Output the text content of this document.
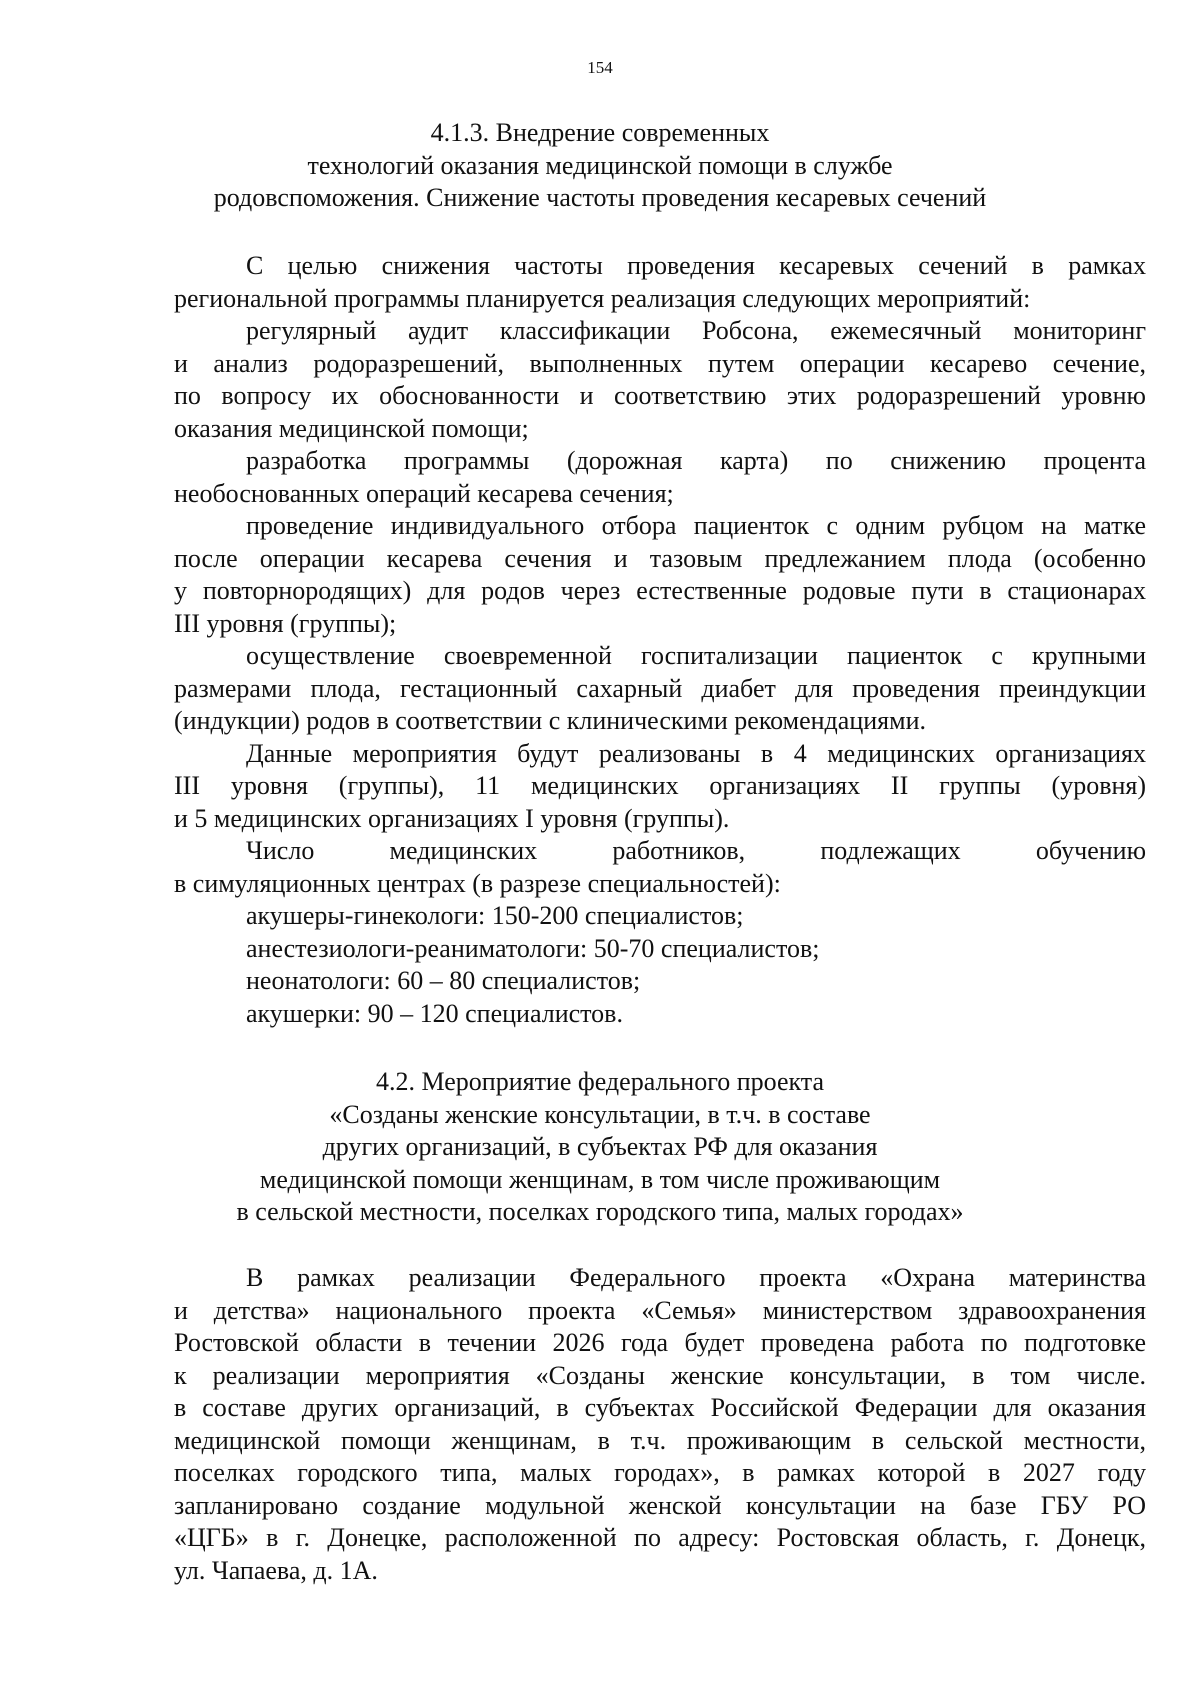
154
4.1.3. Внедрение современных
технологий оказания медицинской помощи в службе
родовспоможения. Снижение частоты проведения кесаревых сечений

С целью снижения частоты проведения кесаревых сечений в рамках
региональной программы планируется реализация следующих мероприятий:

регулярный аудит классификации Робсона, ежемесячный мониторинг
и анализ родоразрешений, выполненных путем операции кесарево сечение,
по вопросу их обоснованности и соответствию этих родоразрешений уровню
оказания медицинской помощи;

разработка программы (дорожная карта) по снижению процента
необоснованных операций кесарева сечения;

проведение индивидуального отбора пациенток с одним рубцом на матке
после операции кесарева сечения и тазовым предлежанием плода (особенно
у повторнородящих) для родов через естественные родовые пути в стационарах
III уровня (группы);

осуществление своевременной госпитализации пациенток с крупными
размерами плода, гестационный сахарный диабет для проведения преиндукции
(индукции) родов в соответствии с клиническими рекомендациями.

Данные мероприятия будут реализованы в 4 медицинских организациях
III уровня (группы), 11 медицинских организациях II группы (уровня)
и 5 медицинских организациях I уровня (группы).

Число медицинских работников, подлежащих обучению
в симуляционных центрах (в разрезе специальностей):

акушеры-гинекологи: 150-200 специалистов;

анестезиологи-реаниматологи: 50-70 специалистов;

неонатологи: 60 – 80 специалистов;

акушерки: 90 – 120 специалистов.

4.2. Мероприятие федерального проекта
«Созданы женские консультации, в т.ч. в составе
других организаций, в субъектах РФ для оказания
медицинской помощи женщинам, в том числе проживающим
в сельской местности, поселках городского типа, малых городах»

В рамках реализации Федерального проекта «Охрана материнства
и детства» национального проекта «Семья» министерством здравоохранения
Ростовской области в течении 2026 года будет проведена работа по подготовке
к реализации мероприятия «Созданы женские консультации, в том числе.
в составе других организаций, в субъектах Российской Федерации для оказания
медицинской помощи женщинам, в т.ч. проживающим в сельской местности,
поселках городского типа, малых городах», в рамках которой в 2027 году
запланировано создание модульной женской консультации на базе ГБУ РО
«ЦГБ» в г. Донецке, расположенной по адресу: Ростовская область, г. Донецк,
ул. Чапаева, д. 1А.
